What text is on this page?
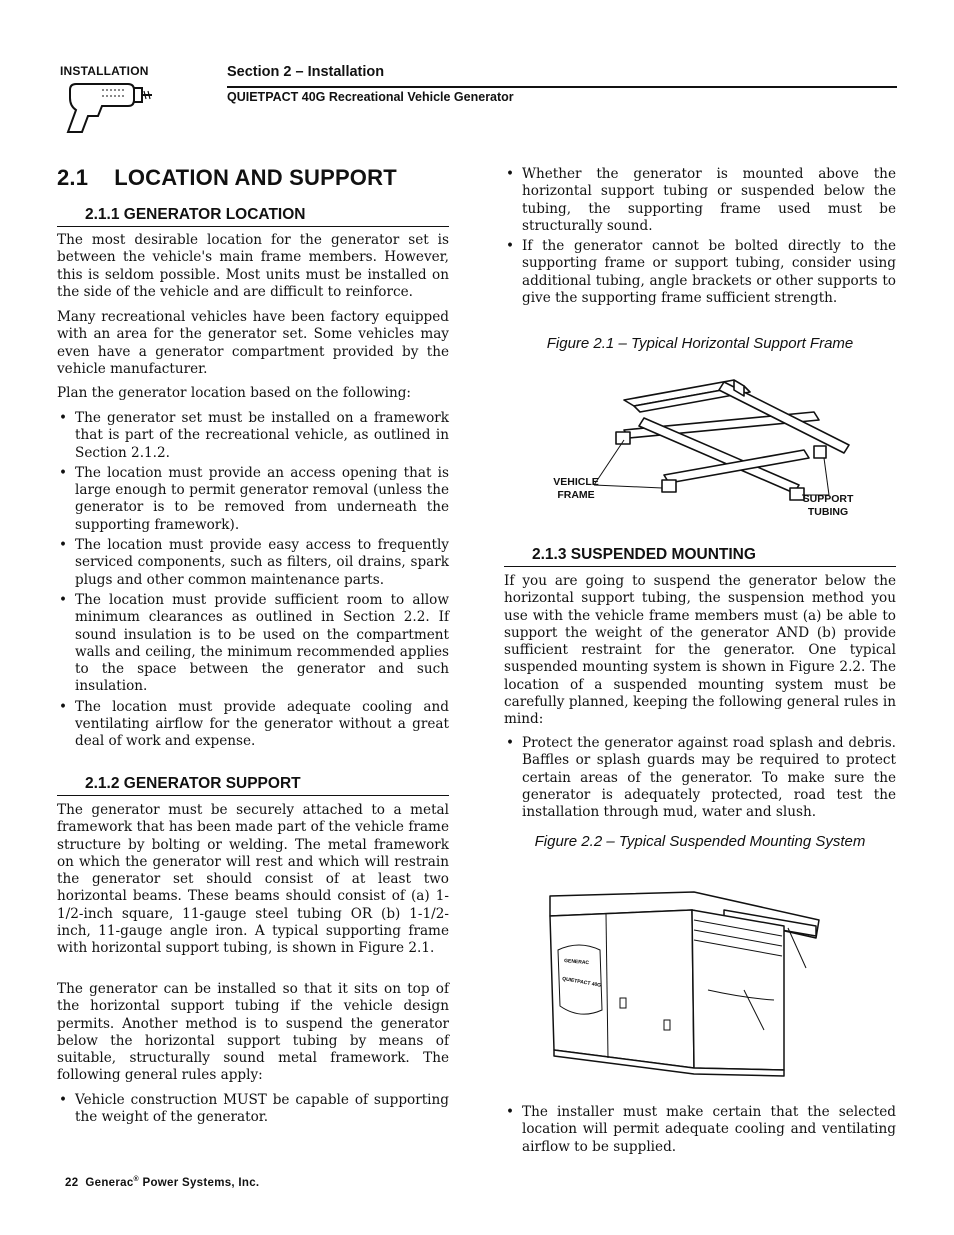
INSTALLATION	Section 2 – Installation
QUIETPACT 40G Recreational Vehicle Generator
2.1 LOCATION AND SUPPORT
2.1.1 GENERATOR LOCATION

The most desirable location for the generator set is between the vehicle's main frame members. However, this is seldom possible. Most units must be installed on the side of the vehicle and are difficult to reinforce.

Many recreational vehicles have been factory equipped with an area for the generator set. Some vehicles may even have a generator compartment provided by the vehicle manufacturer.

Plan the generator location based on the following:

• The generator set must be installed on a framework that is part of the recreational vehicle, as outlined in Section 2.1.2.
• The location must provide an access opening that is large enough to permit generator removal (unless the generator is to be removed from underneath the supporting framework).
• The location must provide easy access to frequently serviced components, such as filters, oil drains, spark plugs and other common maintenance parts.
• The location must provide sufficient room to allow minimum clearances as outlined in Section 2.2. If sound insulation is to be used on the compartment walls and ceiling, the minimum recommended applies to the space between the generator and such insulation.
• The location must provide adequate cooling and ventilating airflow for the generator without a great deal of work and expense.
2.1.2 GENERATOR SUPPORT

The generator must be securely attached to a metal framework that has been made part of the vehicle frame structure by bolting or welding. The metal framework on which the generator will rest and which will restrain the generator set should consist of at least two horizontal beams. These beams should consist of (a) 1-1/2-inch square, 11-gauge steel tubing OR (b) 1-1/2-inch, 11-gauge angle iron. A typical supporting frame with horizontal support tubing, is shown in Figure 2.1.

The generator can be installed so that it sits on top of the horizontal support tubing if the vehicle design permits. Another method is to suspend the generator below the horizontal support tubing by means of suitable, structurally sound metal framework. The following general rules apply:

• Vehicle construction MUST be capable of supporting the weight of the generator.
• Whether the generator is mounted above the horizontal support tubing or suspended below the tubing, the supporting frame used must be structurally sound.
• If the generator cannot be bolted directly to the supporting frame or support tubing, consider using additional tubing, angle brackets or other supports to give the supporting frame sufficient strength.

Figure 2.1 – Typical Horizontal Support Frame

VEHICLE
FRAME	SUPPORT
TUBING
2.1.3 SUSPENDED MOUNTING

If you are going to suspend the generator below the horizontal support tubing, the suspension method you use with the vehicle frame members must (a) be able to support the weight of the generator AND (b) provide sufficient restraint for the generator. One typical suspended mounting system is shown in Figure 2.2. The location of a suspended mounting system must be carefully planned, keeping the following general rules in mind:

• Protect the generator against road splash and debris. Baffles or splash guards may be required to protect certain areas of the generator. To make sure the generator is adequately protected, road test the installation through mud, water and slush.

Figure 2.2 – Typical Suspended Mounting System

GENERAC
QUIETPACT 40G
• The installer must make certain that the selected location will permit adequate cooling and ventilating airflow to be supplied.
22 Generac® Power Systems, Inc.
